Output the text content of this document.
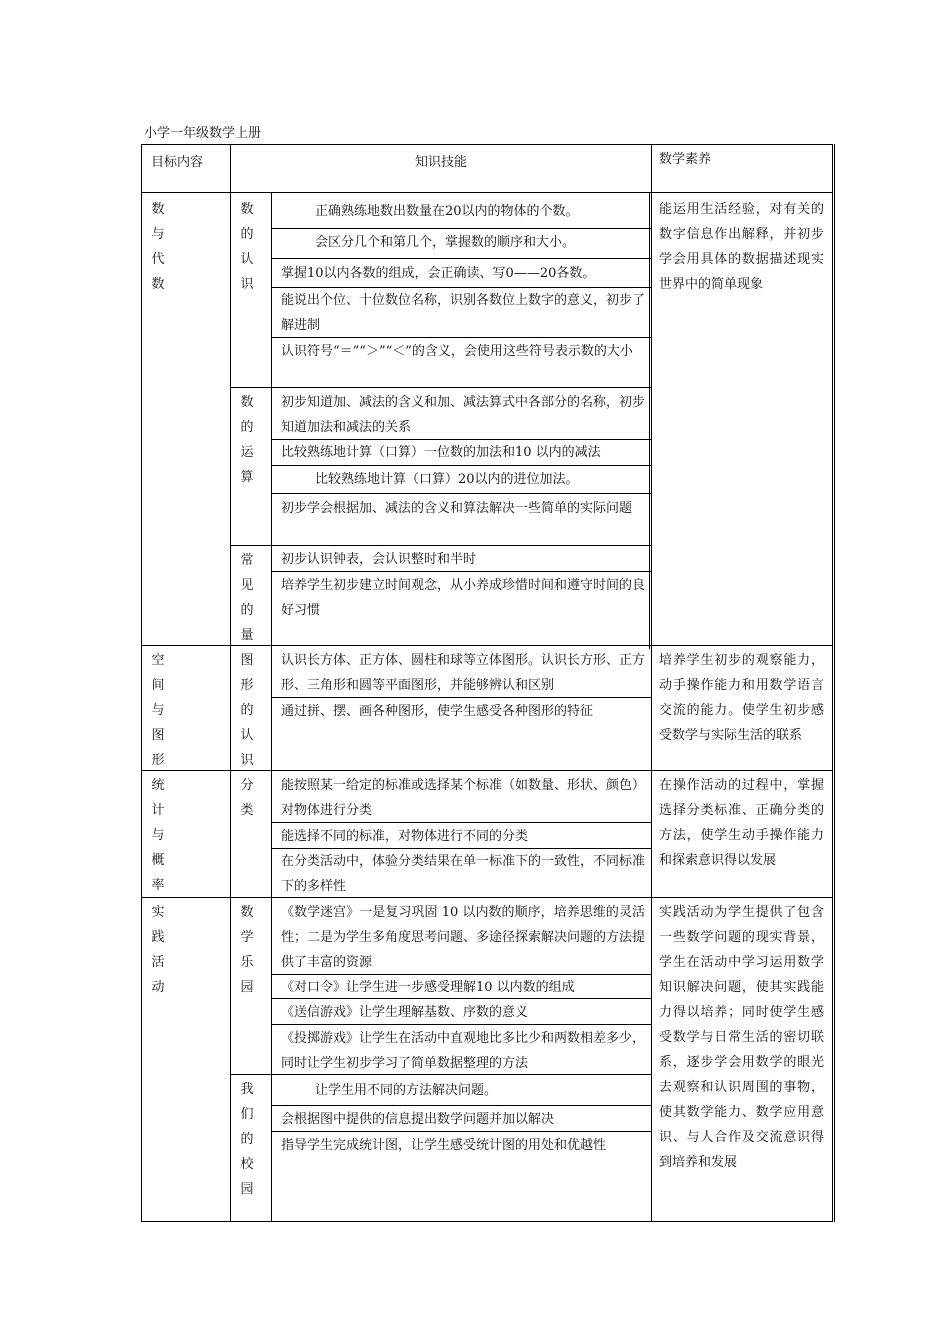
小学一年级数学上册
目标内容	知识技能	数学素养
数
与
代
数
数
的
认
识
数
的
运
算
常
见
的
量
正确熟练地数出数量在20以内的物体的个数。
会区分几个和第几个，掌握数的顺序和大小。
掌握10以内各数的组成，会正确读、写0——20各数。
能说出个位、十位数位名称，识别各数位上数字的意义，初步了解进制
认识符号“＝”“＞”“＜”的含义，会使用这些符号表示数的大小
初步知道加、减法的含义和加、减法算式中各部分的名称，初步知道加法和减法的关系
比较熟练地计算（口算）一位数的加法和10 以内的减法
比较熟练地计算（口算）20以内的进位加法。
初步学会根据加、减法的含义和算法解决一些简单的实际问题
初步认识钟表，会认识整时和半时
培养学生初步建立时间观念，从小养成珍惜时间和遵守时间的良好习惯
能运用生活经验，对有关的数字信息作出解释，并初步学会用具体的数据描述现实世界中的简单现象
空
间
与
图
形
图
形
的
认
识
认识长方体、正方体、圆柱和球等立体图形。认识长方形、正方形、三角形和圆等平面图形，并能够辨认和区别
通过拼、摆、画各种图形，使学生感受各种图形的特征
培养学生初步的观察能力，动手操作能力和用数学语言交流的能力。使学生初步感受数学与实际生活的联系
统
计
与
概
率
分
类
能按照某一给定的标准或选择某个标准（如数量、形状、颜色）对物体进行分类
能选择不同的标准，对物体进行不同的分类
在分类活动中，体验分类结果在单一标准下的一致性，不同标准下的多样性
在操作活动的过程中，掌握选择分类标准、正确分类的方法，使学生动手操作能力和探索意识得以发展
实
践
活
动
数
学
乐
园
我
们
的
校
园
《数学迷宫》一是复习巩固 10 以内数的顺序，培养思维的灵活性；二是为学生多角度思考问题、多途径探索解决问题的方法提供了丰富的资源
《对口令》让学生进一步感受理解10 以内数的组成
《送信游戏》让学生理解基数、序数的意义
《投掷游戏》让学生在活动中直观地比多比少和两数相差多少，同时让学生初步学习了简单数据整理的方法
让学生用不同的方法解决问题。
会根据图中提供的信息提出数学问题并加以解决
指导学生完成统计图，让学生感受统计图的用处和优越性
实践活动为学生提供了包含一些数学问题的现实背景，学生在活动中学习运用数学知识解决问题，使其实践能力得以培养；同时使学生感受数学与日常生活的密切联系，逐步学会用数学的眼光去观察和认识周围的事物，使其数学能力、数学应用意识、与人合作及交流意识得到培养和发展
